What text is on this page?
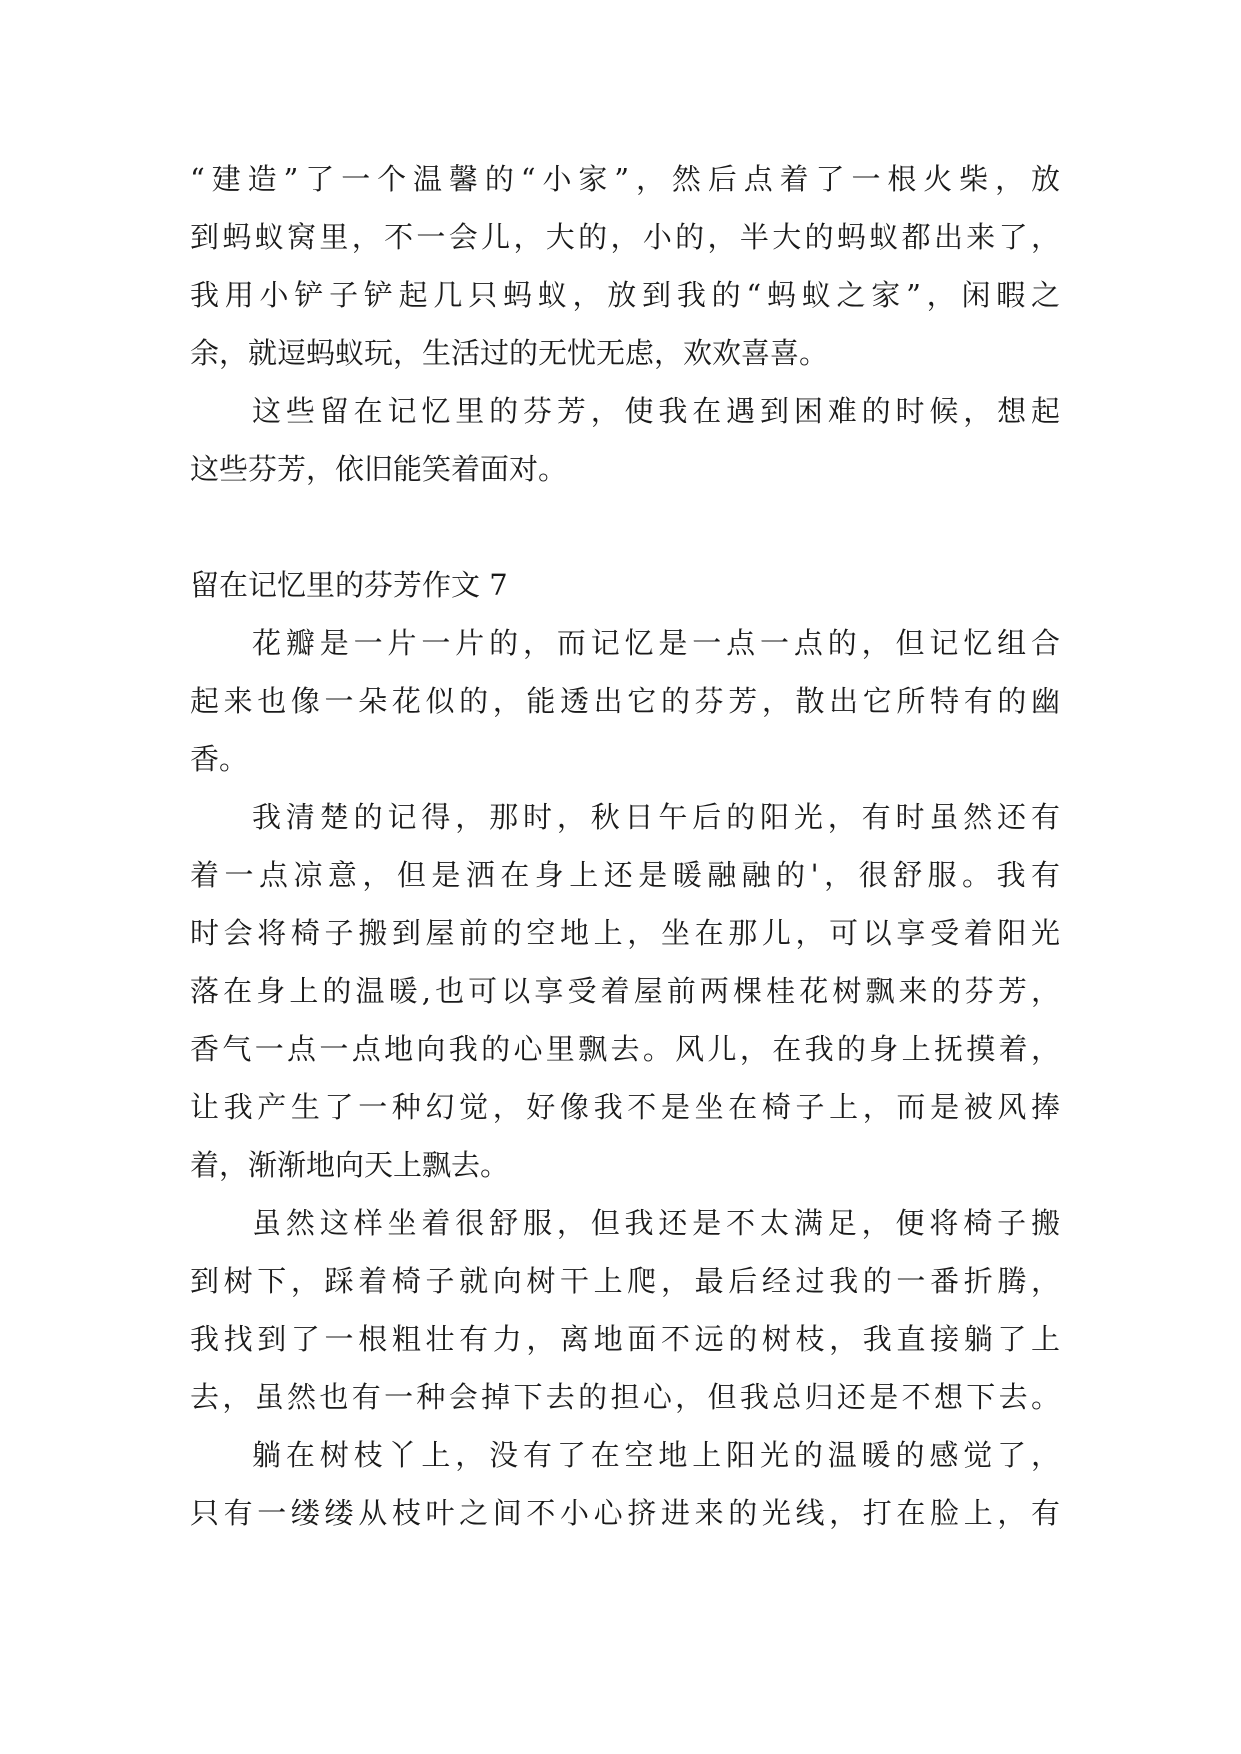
“建造”了一个温馨的“小家”，然后点着了一根火柴，放
到蚂蚁窝里，不一会儿，大的，小的，半大的蚂蚁都出来了，
我用小铲子铲起几只蚂蚁，放到我的“蚂蚁之家”，闲暇之
余，就逗蚂蚁玩，生活过的无忧无虑，欢欢喜喜。
这些留在记忆里的芬芳，使我在遇到困难的时候，想起
这些芬芳，依旧能笑着面对。
留在记忆里的芬芳作文 7
花瓣是一片一片的，而记忆是一点一点的，但记忆组合
起来也像一朵花似的，能透出它的芬芳，散出它所特有的幽
香。
我清楚的记得，那时，秋日午后的阳光，有时虽然还有
着一点凉意，但是洒在身上还是暖融融的'，很舒服。我有
时会将椅子搬到屋前的空地上，坐在那儿，可以享受着阳光
落在身上的温暖,也可以享受着屋前两棵桂花树飘来的芬芳，
香气一点一点地向我的心里飘去。风儿，在我的身上抚摸着，
让我产生了一种幻觉，好像我不是坐在椅子上，而是被风捧
着，渐渐地向天上飘去。
虽然这样坐着很舒服，但我还是不太满足，便将椅子搬
到树下，踩着椅子就向树干上爬，最后经过我的一番折腾，
我找到了一根粗壮有力，离地面不远的树枝，我直接躺了上
去，虽然也有一种会掉下去的担心，但我总归还是不想下去。
躺在树枝丫上，没有了在空地上阳光的温暖的感觉了，
只有一缕缕从枝叶之间不小心挤进来的光线，打在脸上，有
